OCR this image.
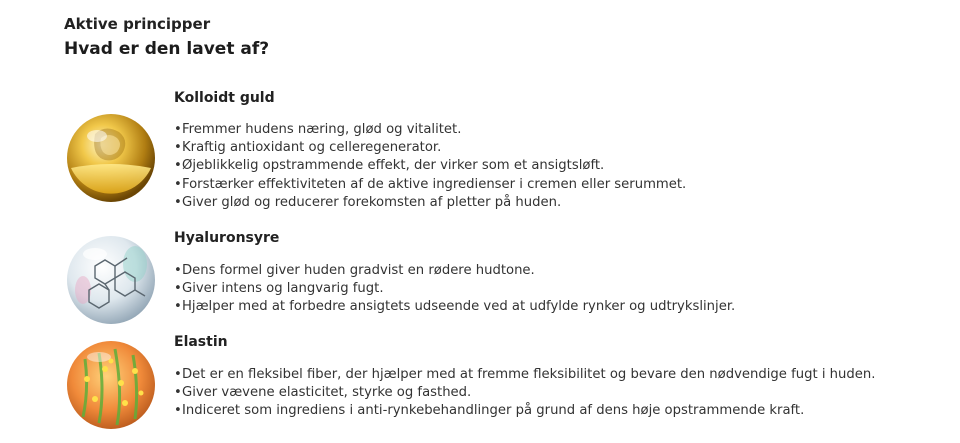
Aktive principper
Hvad er den lavet af?
Kolloidt guld
•Fremmer hudens næring, glød og vitalitet.
•Kraftig antioxidant og celleregenerator.
•Øjeblikkelig opstrammende effekt, der virker som et ansigtsløft.
•Forstærker effektiviteten af de aktive ingredienser i cremen eller serummet.
•Giver glød og reducerer forekomsten af pletter på huden.
Hyaluronsyre
•Dens formel giver huden gradvist en rødere hudtone.
•Giver intens og langvarig fugt.
•Hjælper med at forbedre ansigtets udseende ved at udfylde rynker og udtrykslinjer.
Elastin
•Det er en fleksibel fiber, der hjælper med at fremme fleksibilitet og bevare den nødvendige fugt i huden.
•Giver vævene elasticitet, styrke og fasthed.
•Indiceret som ingrediens i anti-rynkebehandlinger på grund af dens høje opstrammende kraft.
